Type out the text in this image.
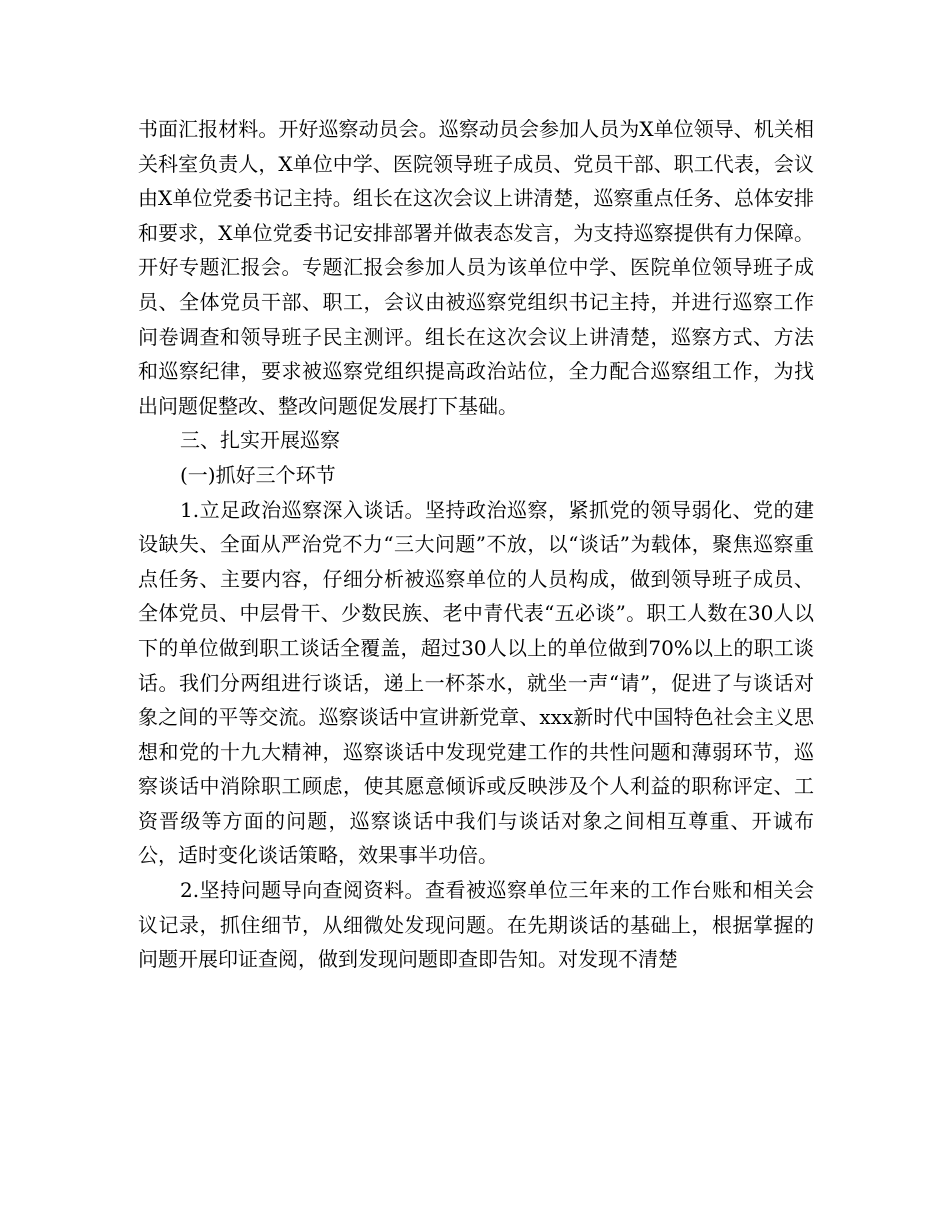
书面汇报材料。开好巡察动员会。巡察动员会参加人员为X单位领导、机关相关科室负责人，X单位中学、医院领导班子成员、党员干部、职工代表，会议由X单位党委书记主持。组长在这次会议上讲清楚，巡察重点任务、总体安排和要求，X单位党委书记安排部署并做表态发言，为支持巡察提供有力保障。开好专题汇报会。专题汇报会参加人员为该单位中学、医院单位领导班子成员、全体党员干部、职工，会议由被巡察党组织书记主持，并进行巡察工作问卷调查和领导班子民主测评。组长在这次会议上讲清楚，巡察方式、方法和巡察纪律，要求被巡察党组织提高政治站位，全力配合巡察组工作，为找出问题促整改、整改问题促发展打下基础。

三、扎实开展巡察

(一)抓好三个环节

1.立足政治巡察深入谈话。坚持政治巡察，紧抓党的领导弱化、党的建设缺失、全面从严治党不力“三大问题”不放，以“谈话”为载体，聚焦巡察重点任务、主要内容，仔细分析被巡察单位的人员构成，做到领导班子成员、全体党员、中层骨干、少数民族、老中青代表“五必谈”。职工人数在30人以下的单位做到职工谈话全覆盖，超过30人以上的单位做到70%以上的职工谈话。我们分两组进行谈话，递上一杯茶水，就坐一声“请”，促进了与谈话对象之间的平等交流。巡察谈话中宣讲新党章、xxx新时代中国特色社会主义思想和党的十九大精神，巡察谈话中发现党建工作的共性问题和薄弱环节，巡察谈话中消除职工顾虑，使其愿意倾诉或反映涉及个人利益的职称评定、工资晋级等方面的问题，巡察谈话中我们与谈话对象之间相互尊重、开诚布公，适时变化谈话策略，效果事半功倍。

2.坚持问题导向查阅资料。查看被巡察单位三年来的工作台账和相关会议记录，抓住细节，从细微处发现问题。在先期谈话的基础上，根据掌握的问题开展印证查阅，做到发现问题即查即告知。对发现不清楚
